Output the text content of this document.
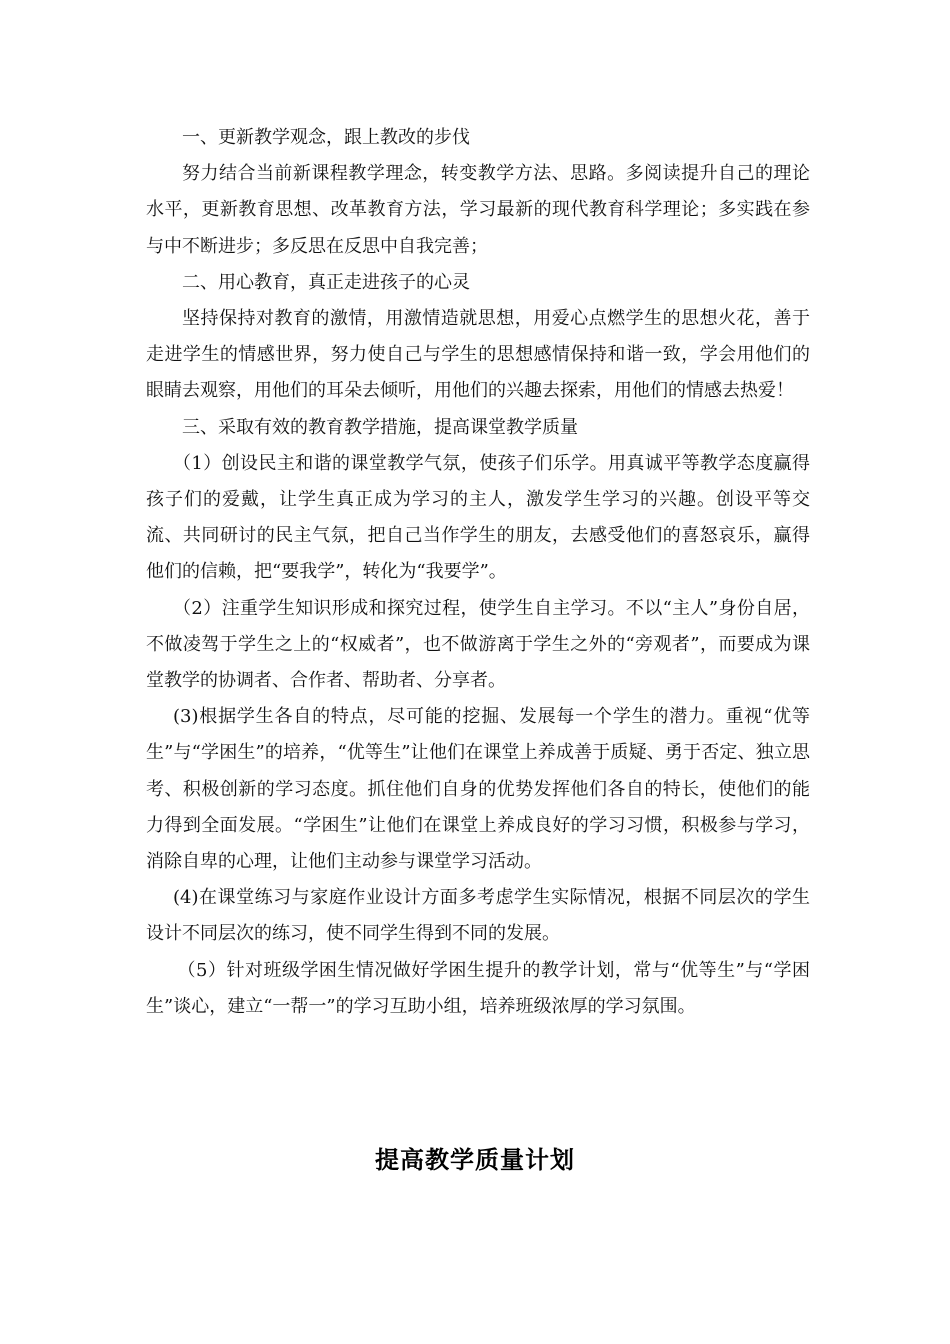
一、更新教学观念，跟上教改的步伐

努力结合当前新课程教学理念，转变教学方法、思路。多阅读提升自己的理论水平，更新教育思想、改革教育方法，学习最新的现代教育科学理论；多实践在参与中不断进步；多反思在反思中自我完善；

二、用心教育，真正走进孩子的心灵

坚持保持对教育的激情，用激情造就思想，用爱心点燃学生的思想火花，善于走进学生的情感世界，努力使自己与学生的思想感情保持和谐一致，学会用他们的眼睛去观察，用他们的耳朵去倾听，用他们的兴趣去探索，用他们的情感去热爱！

三、采取有效的教育教学措施，提高课堂教学质量

（1）创设民主和谐的课堂教学气氛，使孩子们乐学。用真诚平等教学态度赢得孩子们的爱戴，让学生真正成为学习的主人，激发学生学习的兴趣。创设平等交流、共同研讨的民主气氛，把自己当作学生的朋友，去感受他们的喜怒哀乐，赢得他们的信赖，把“要我学”，转化为“我要学”。

（2）注重学生知识形成和探究过程，使学生自主学习。不以“主人”身份自居，不做凌驾于学生之上的“权威者”，也不做游离于学生之外的“旁观者”，而要成为课堂教学的协调者、合作者、帮助者、分享者。

(3)根据学生各自的特点，尽可能的挖掘、发展每一个学生的潜力。重视“优等生”与“学困生”的培养，“优等生”让他们在课堂上养成善于质疑、勇于否定、独立思考、积极创新的学习态度。抓住他们自身的优势发挥他们各自的特长，使他们的能力得到全面发展。“学困生”让他们在课堂上养成良好的学习习惯，积极参与学习，消除自卑的心理，让他们主动参与课堂学习活动。

(4)在课堂练习与家庭作业设计方面多考虑学生实际情况，根据不同层次的学生设计不同层次的练习，使不同学生得到不同的发展。

（5）针对班级学困生情况做好学困生提升的教学计划，常与“优等生”与“学困生”谈心，建立“一帮一”的学习互助小组，培养班级浓厚的学习氛围。

提高教学质量计划
